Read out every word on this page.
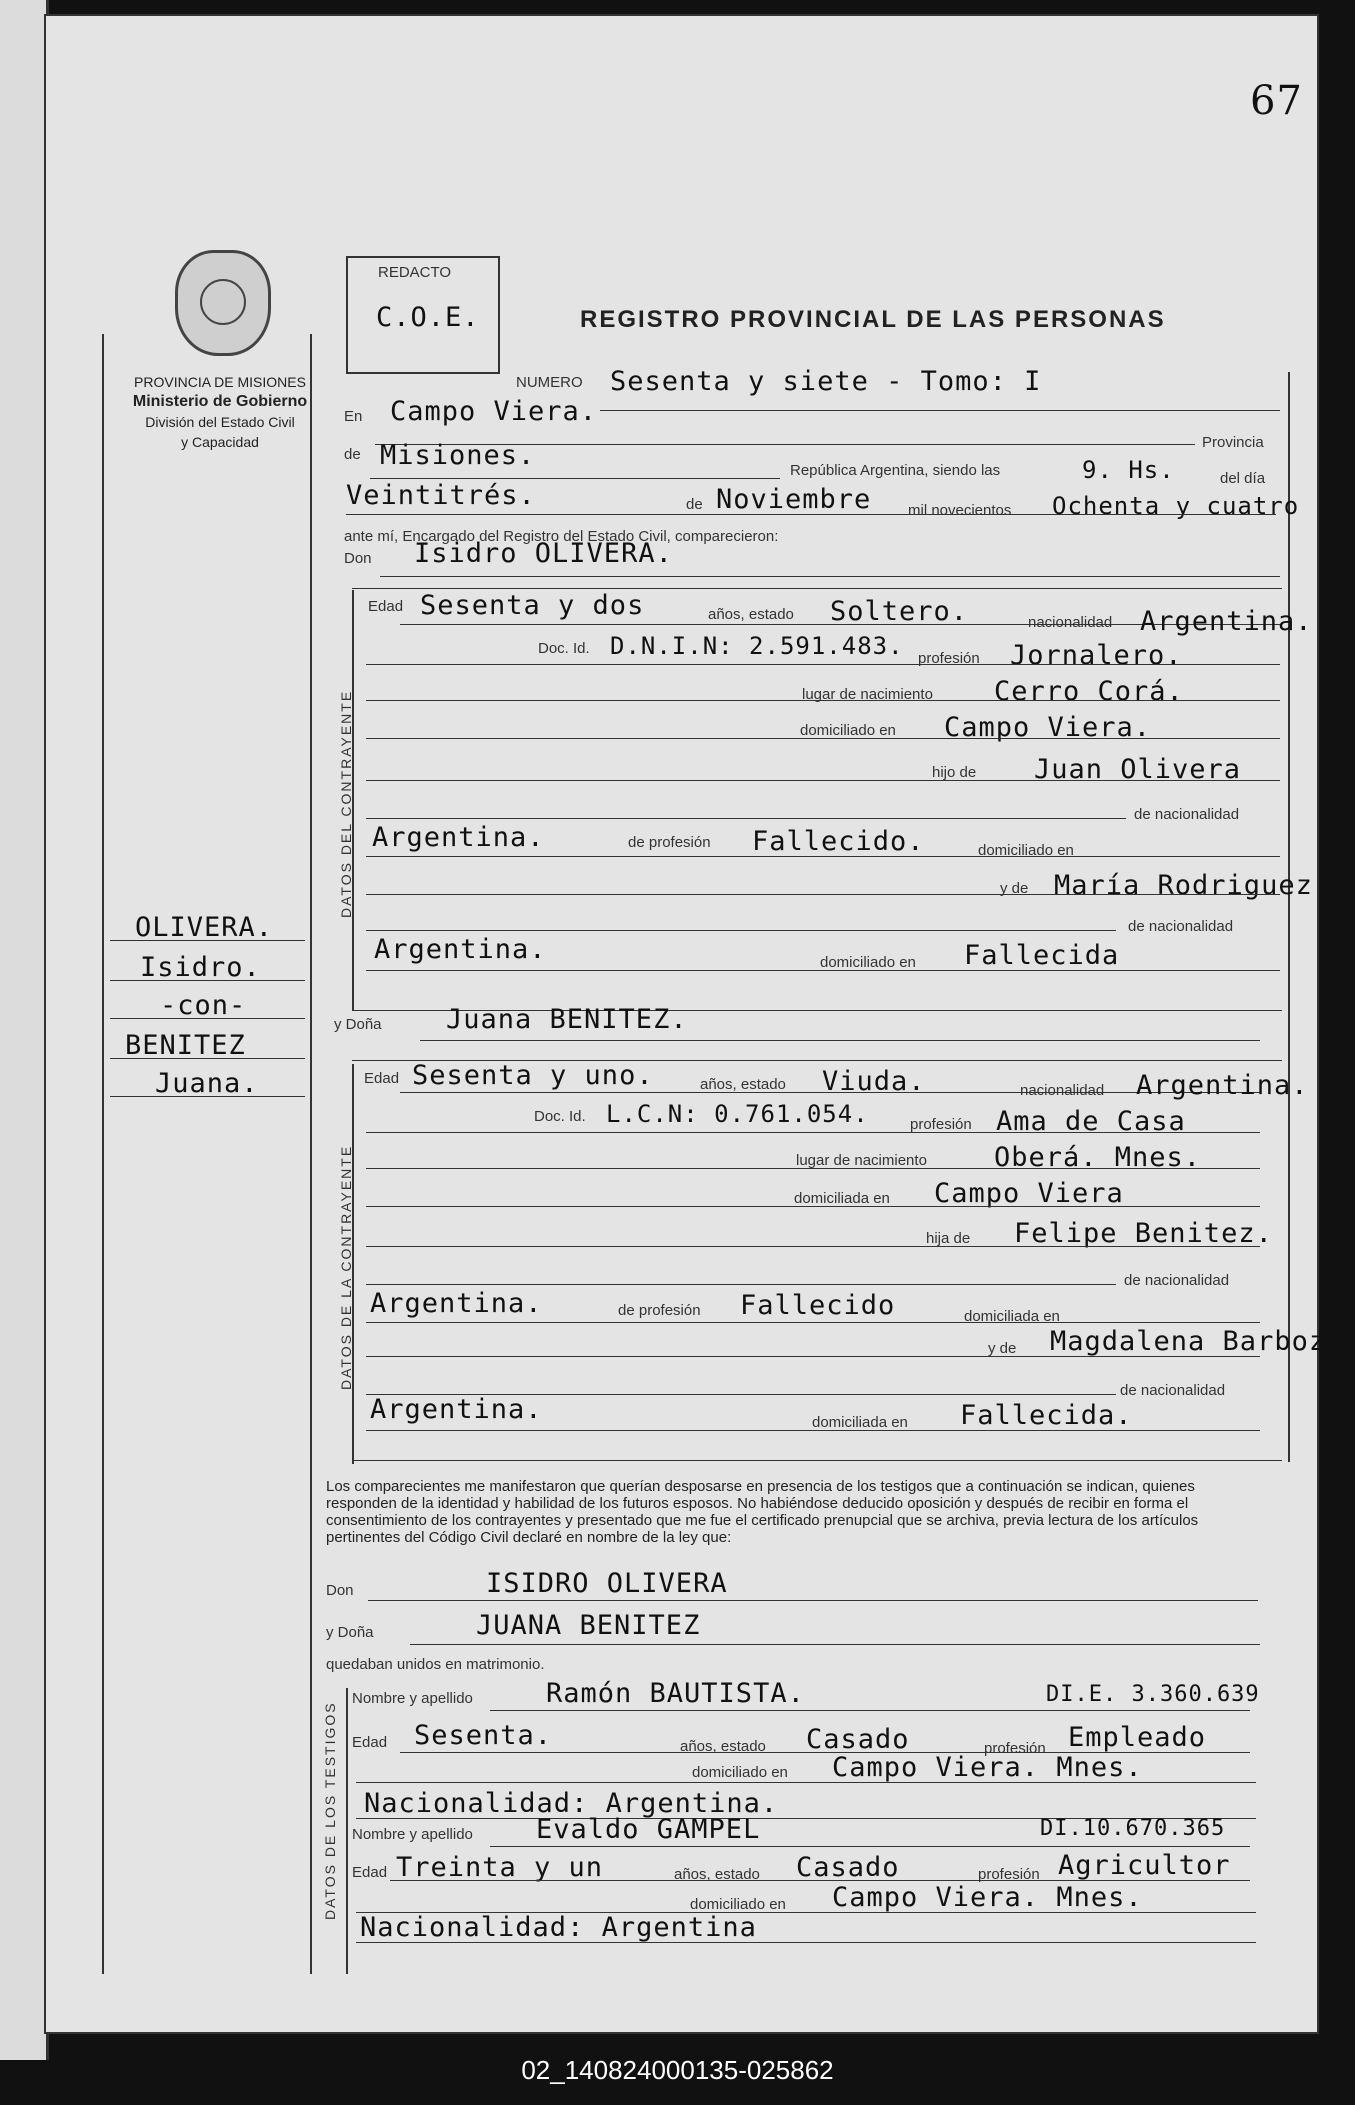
67
PROVINCIA DE MISIONES
Ministerio de Gobierno
División del Estado Civil
y Capacidad
REDACTO
C.O.E.	REGISTRO PROVINCIAL DE LAS PERSONAS
OLIVERA.
Isidro.
-con-
BENITEZ
Juana.
NUMERO Sesenta y siete - Tomo: I
En Campo Viera.
Provincia
de Misiones.	República Argentina, siendo las	9. Hs.	del día
Veintitrés.	de Noviembre mil novecientos Ochenta y cuatro
ante mí, Encargado del Registro del Estado Civil, comparecieron:
Don Isidro OLIVERA.
DATOS DEL CONTRAYENTE
Edad Sesenta y dos	años, estado Soltero.	nacionalidad Argentina.
Doc. Id. D.N.I.N: 2.591.483. profesión Jornalero.
lugar de nacimiento Cerro Corá.
domiciliado en Campo Viera.
hijo de Juan Olivera
de nacionalidad
Argentina.	de profesión Fallecido.	domiciliado en
y de María Rodriguez.
de nacionalidad
Argentina.	domiciliado en Fallecida
y Doña Juana BENITEZ.
DATOS DE LA CONTRAYENTE
Edad Sesenta y uno.	años, estado Viuda.	nacionalidad Argentina.
Doc. Id. L.C.N: 0.761.054.	profesión Ama de Casa
lugar de nacimiento Oberá. Mnes.
domiciliada en Campo Viera
hija de Felipe Benitez.
de nacionalidad
Argentina.	de profesión Fallecido	domiciliada en
y de Magdalena Barboza
de nacionalidad
Argentina.	domiciliada en Fallecida.
Los comparecientes me manifestaron que querían desposarse en presencia de los testigos que a continuación se indican, quienes responden de la identidad y habilidad de los futuros esposos. No habiéndose deducido oposición y después de recibir en forma el consentimiento de los contrayentes y presentado que me fue el certificado prenupcial que se archiva, previa lectura de los artículos pertinentes del Código Civil declaré en nombre de la ley que:
Don	ISIDRO OLIVERA
y Doña	JUANA BENITEZ
quedaban unidos en matrimonio.
DATOS DE LOS TESTIGOS
Nombre y apellido	Ramón BAUTISTA.	DI.E. 3.360.639
Edad Sesenta.	años, estado Casado	profesión Empleado
domiciliado en Campo Viera. Mnes.
Nacionalidad: Argentina.
Nombre y apellido Evaldo GAMPEL	DI.10.670.365
Edad Treinta y un	años, estado Casado	profesión Agricultor
domiciliado en Campo Viera. Mnes.
Nacionalidad: Argentina
02_140824000135-025862
